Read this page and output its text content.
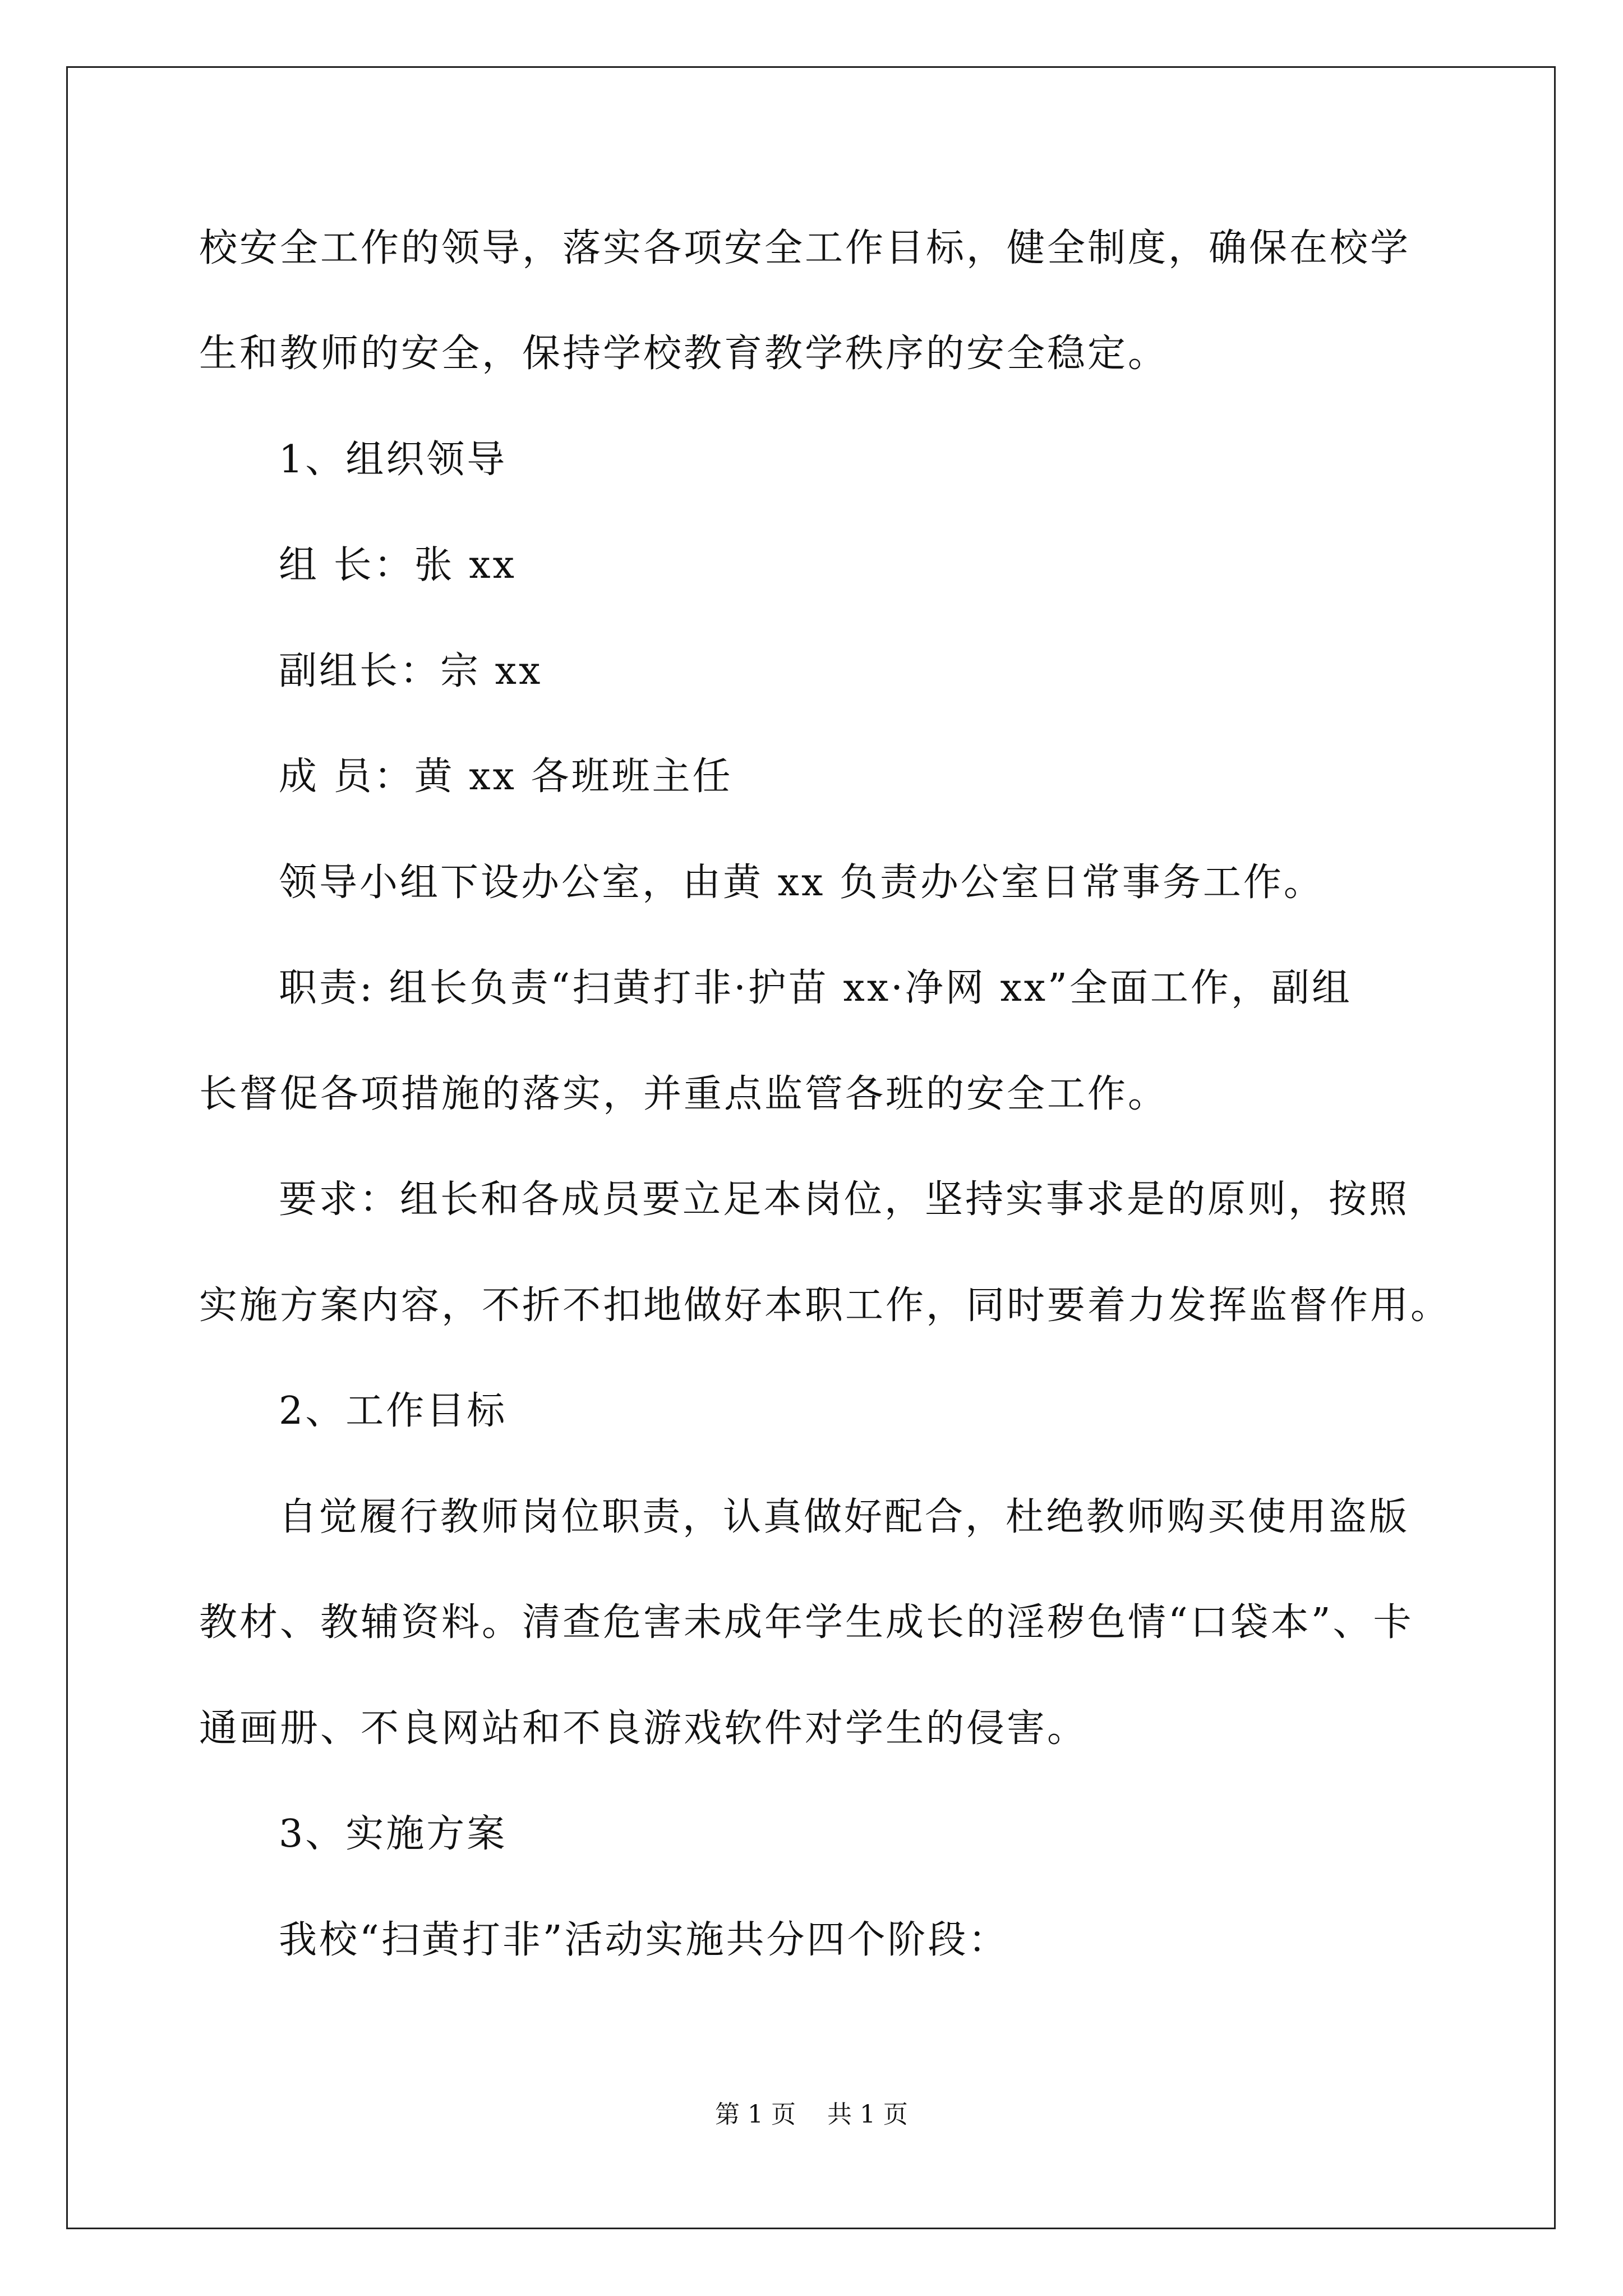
校安全工作的领导，落实各项安全工作目标，健全制度，确保在校学
生和教师的安全，保持学校教育教学秩序的安全稳定。
1、组织领导
组 长：张 xx
副组长：宗 xx
成 员：黄 xx 各班班主任
领导小组下设办公室，由黄 xx 负责办公室日常事务工作。
职责: 组长负责“扫黄打非·护苗 xx·净网 xx”全面工作，副组
长督促各项措施的落实，并重点监管各班的安全工作。
要求：组长和各成员要立足本岗位，坚持实事求是的原则，按照
实施方案内容，不折不扣地做好本职工作，同时要着力发挥监督作用。
2、工作目标
自觉履行教师岗位职责，认真做好配合，杜绝教师购买使用盗版
教材、教辅资料。清查危害未成年学生成长的淫秽色情“口袋本”、卡
通画册、不良网站和不良游戏软件对学生的侵害。
3、实施方案
我校“扫黄打非”活动实施共分四个阶段：
第 1 页    共 1 页
